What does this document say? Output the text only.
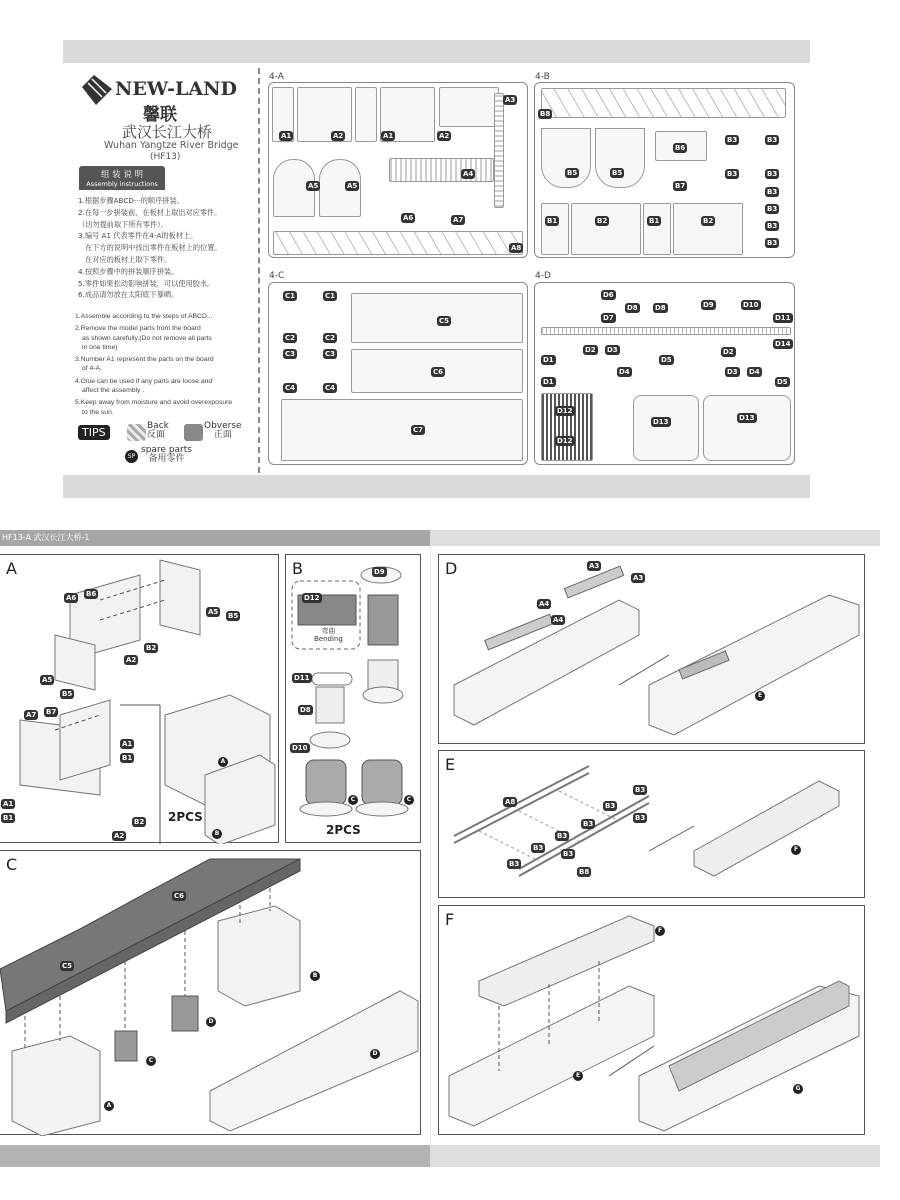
NEW-LAND
馨联
武汉长江大桥
Wuhan Yangtze River Bridge
(HF13)
组 装 说 明
Assembly instructions
1.根据步骤ABCD···的顺序拼装。
2.在每一步拼装前，在板材上取出对应零件。
（切勿提前取下所有零件）。
3.编号 A1 代表零件在4-A的板材上。
在下方的说明中找出零件在板材上的位置。
在对应的板材上取下零件。
4.按照步骤中的拼装顺序拼装。
5.零件如果松动影响拼装，可以使用胶水。
6.成品请勿放在太阳底下暴晒。
1.Assemble according to the steps of ABCD...
2.Remove the model parts from the board
as shown carefully.(Do not remove all parts
in one time)
3.Number A1 represent the parts on the board
of 4-A.
4.Glue can be used if any parts are loose and
affect the assembly .
5.Keep away from moisture and avoid overexposure
to the sun.
TIPS	Back
反面
Obverse
正面
SP
spare parts
备用零件
4-A
A1	A2	A1	A2
A3
A5	A5
A4
A6	A7
A8
4-B
B8
B5	B5
B6
B7
B1	B2	B1	B2
B3	B3
B3	B3
B3
B3
B3
B3
4-C
C1	C1
C2	C2
C3	C3
C4	C4
C5
C6
C7
4-D
D6
D7
D8 D8	D9	D10
D11
D14
D1
D2 D3
D4
D5
D1
D2
D3 D4
D5
D12
D12
D13	D13
HF13-A 武汉长江大桥-1
A
A6 B6
A5 B5
A2
B2
A5
B5
A7 B7
A1
B1
A1
B1
A2
B2 2PCS
A
B
B	D9
D12
弯曲
Bending
D11
D8
D10
2PCS
C	C
C
C6
C5
B
D
C
A
D
D	A3
A3
A4
A4
E
E
A8
B3
B3
B3
B3
B3
B3
B3
B3
B8
F
F
F
E
G
